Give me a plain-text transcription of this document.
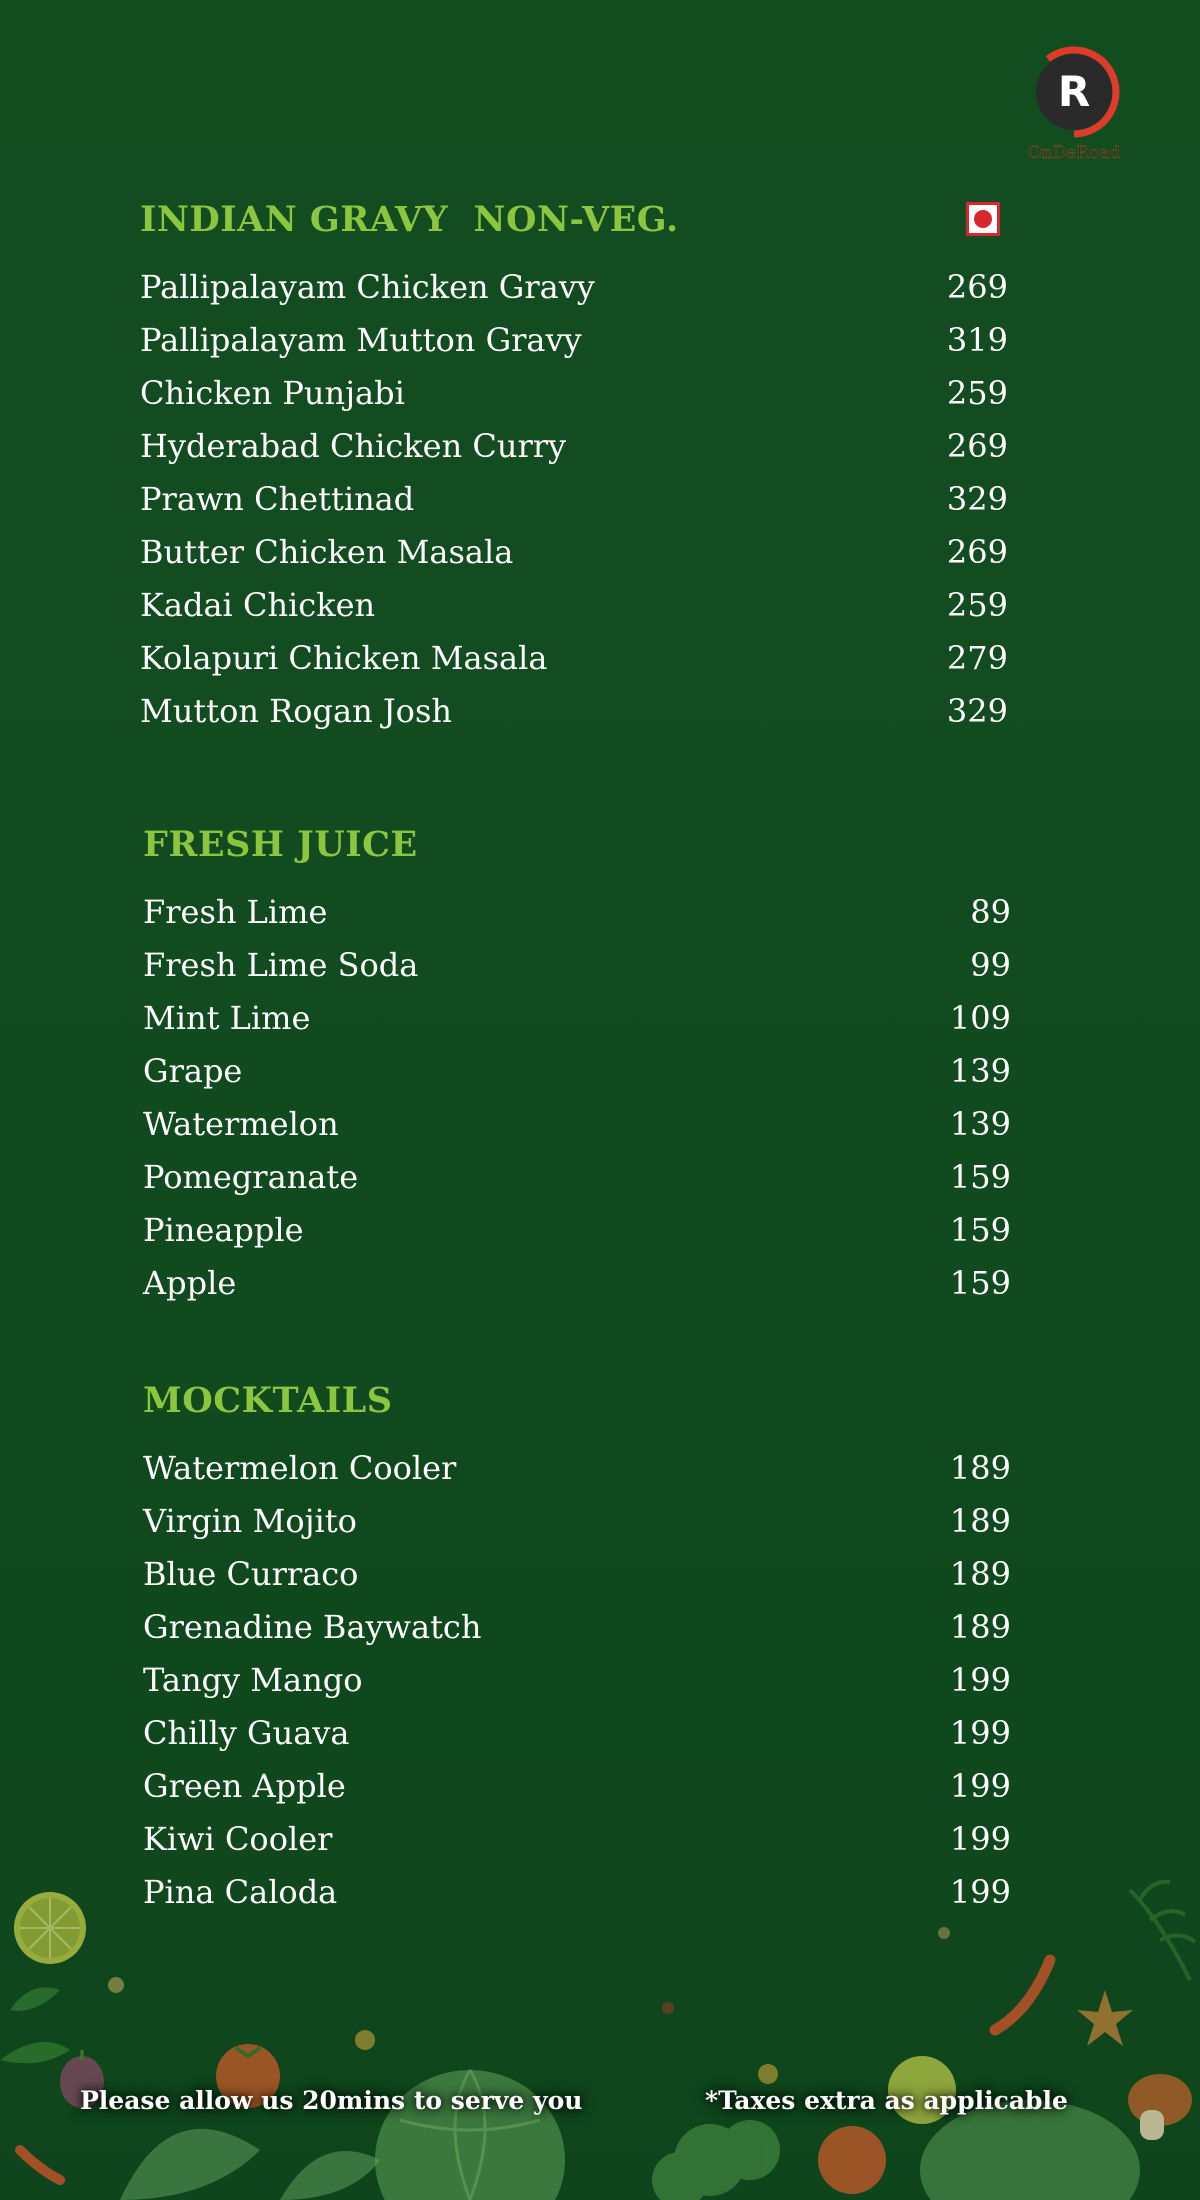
R
OnDeRoad
INDIAN GRAVY  NON-VEG.
Pallipalayam Chicken Gravy	269
Pallipalayam Mutton Gravy	319
Chicken Punjabi	259
Hyderabad Chicken Curry	269
Prawn Chettinad	329
Butter Chicken Masala	269
Kadai Chicken	259
Kolapuri Chicken Masala	279
Mutton Rogan Josh	329
FRESH JUICE
Fresh Lime	89
Fresh Lime Soda	99
Mint Lime	109
Grape	139
Watermelon	139
Pomegranate	159
Pineapple	159
Apple	159
MOCKTAILS
Watermelon Cooler	189
Virgin Mojito	189
Blue Curraco	189
Grenadine Baywatch	189
Tangy Mango	199
Chilly Guava	199
Green Apple	199
Kiwi Cooler	199
Pina Caloda	199
Please allow us 20mins to serve you	*Taxes extra as applicable
